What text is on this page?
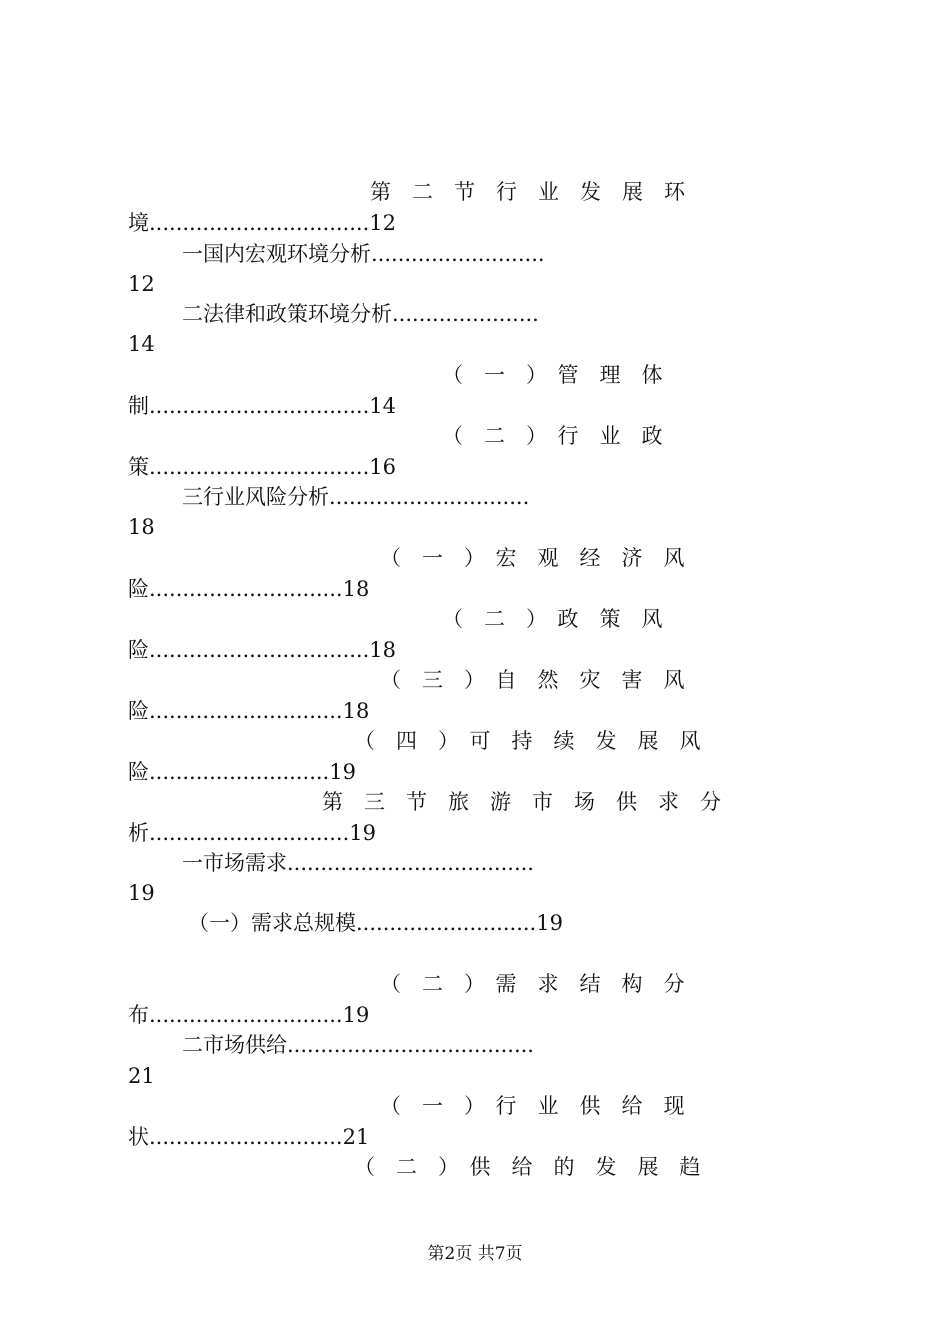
第　二　节　行　业　发　展　环
境.................................12
一国内宏观环境分析..........................
12
二法律和政策环境分析......................
14
（　一　）　管　理　体
制.................................14
（　二　）　行　业　政
策.................................16
三行业风险分析..............................
18
（　一　）　宏　观　经　济　风
险.............................18
（　二　）　政　策　风
险.................................18
（　三　）　自　然　灾　害　风
险.............................18
（　四　）　可　持　续　发　展　风
险...........................19
第　三　节　旅　游　市　场　供　求　分
析..............................19
一市场需求.....................................
19
（一）需求总规模...........................19
（　二　）　需　求　结　构　分
布.............................19
二市场供给.....................................
21
（　一　）　行　业　供　给　现
状.............................21
（　二　）　供　给　的　发　展　趋
第2页 共7页
